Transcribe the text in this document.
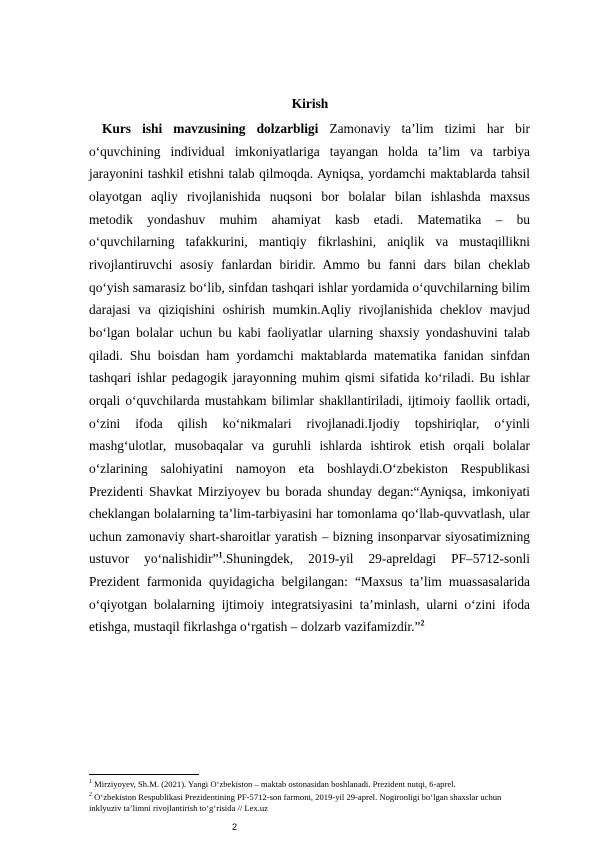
Kirish

Kurs ishi mavzusining dolzarbligi Zamonaviy ta’lim tizimi har bir o‘quvchining individual imkoniyatlariga tayangan holda ta’lim va tarbiya jarayonini tashkil etishni talab qilmoqda. Ayniqsa, yordamchi maktablarda tahsil olayotgan aqliy rivojlanishida nuqsoni bor bolalar bilan ishlashda maxsus metodik yondashuv muhim ahamiyat kasb etadi. Matematika – bu o‘quvchilarning tafakkurini, mantiqiy fikrlashini, aniqlik va mustaqillikni rivojlantiruvchi asosiy fanlardan biridir. Ammo bu fanni dars bilan cheklab qo‘yish samarasiz bo‘lib, sinfdan tashqari ishlar yordamida o‘quvchilarning bilim darajasi va qiziqishini oshirish mumkin.Aqliy rivojlanishida cheklov mavjud bo‘lgan bolalar uchun bu kabi faoliyatlar ularning shaxsiy yondashuvini talab qiladi. Shu boisdan ham yordamchi maktablarda matematika fanidan sinfdan tashqari ishlar pedagogik jarayonning muhim qismi sifatida ko‘riladi. Bu ishlar orqali o‘quvchilarda mustahkam bilimlar shakllantiriladi, ijtimoiy faollik ortadi, o‘zini ifoda qilish ko‘nikmalari rivojlanadi.Ijodiy topshiriqlar, o‘yinli mashg‘ulotlar, musobaqalar va guruhli ishlarda ishtirok etish orqali bolalar o‘zlarining salohiyatini namoyon eta boshlaydi.O‘zbekiston Respublikasi Prezidenti Shavkat Mirziyoyev bu borada shunday degan:“Ayniqsa, imkoniyati cheklangan bolalarning ta’lim-tarbiyasini har tomonlama qo‘llab-quvvatlash, ular uchun zamonaviy shart-sharoitlar yaratish – bizning insonparvar siyosatimizning ustuvor yo‘nalishidir”$^1$.Shuningdek, 2019-yil 29-apreldagi PF–5712-sonli Prezident farmonida quyidagicha belgilangan: “Maxsus ta’lim muassasalarida o‘qiyotgan bolalarning ijtimoiy integratsiyasini ta’minlash, ularni o‘zini ifoda etishga, mustaqil fikrlashga o‘rgatish – dolzarb vazifamizdir.”$^2$

$^1$ Mirziyoyev, Sh.M. (2021). Yangi O‘zbekiston – maktab ostonasidan boshlanadi. Prezident nutqi, 6-aprel.

$^2$ O‘zbekiston Respublikasi Prezidentining PF-5712-son farmoni, 2019-yil 29-aprel. Nogironligi bo‘lgan shaxslar uchun inklyuziv ta’limni rivojlantirish to‘g‘risida // Lex.uz

2
